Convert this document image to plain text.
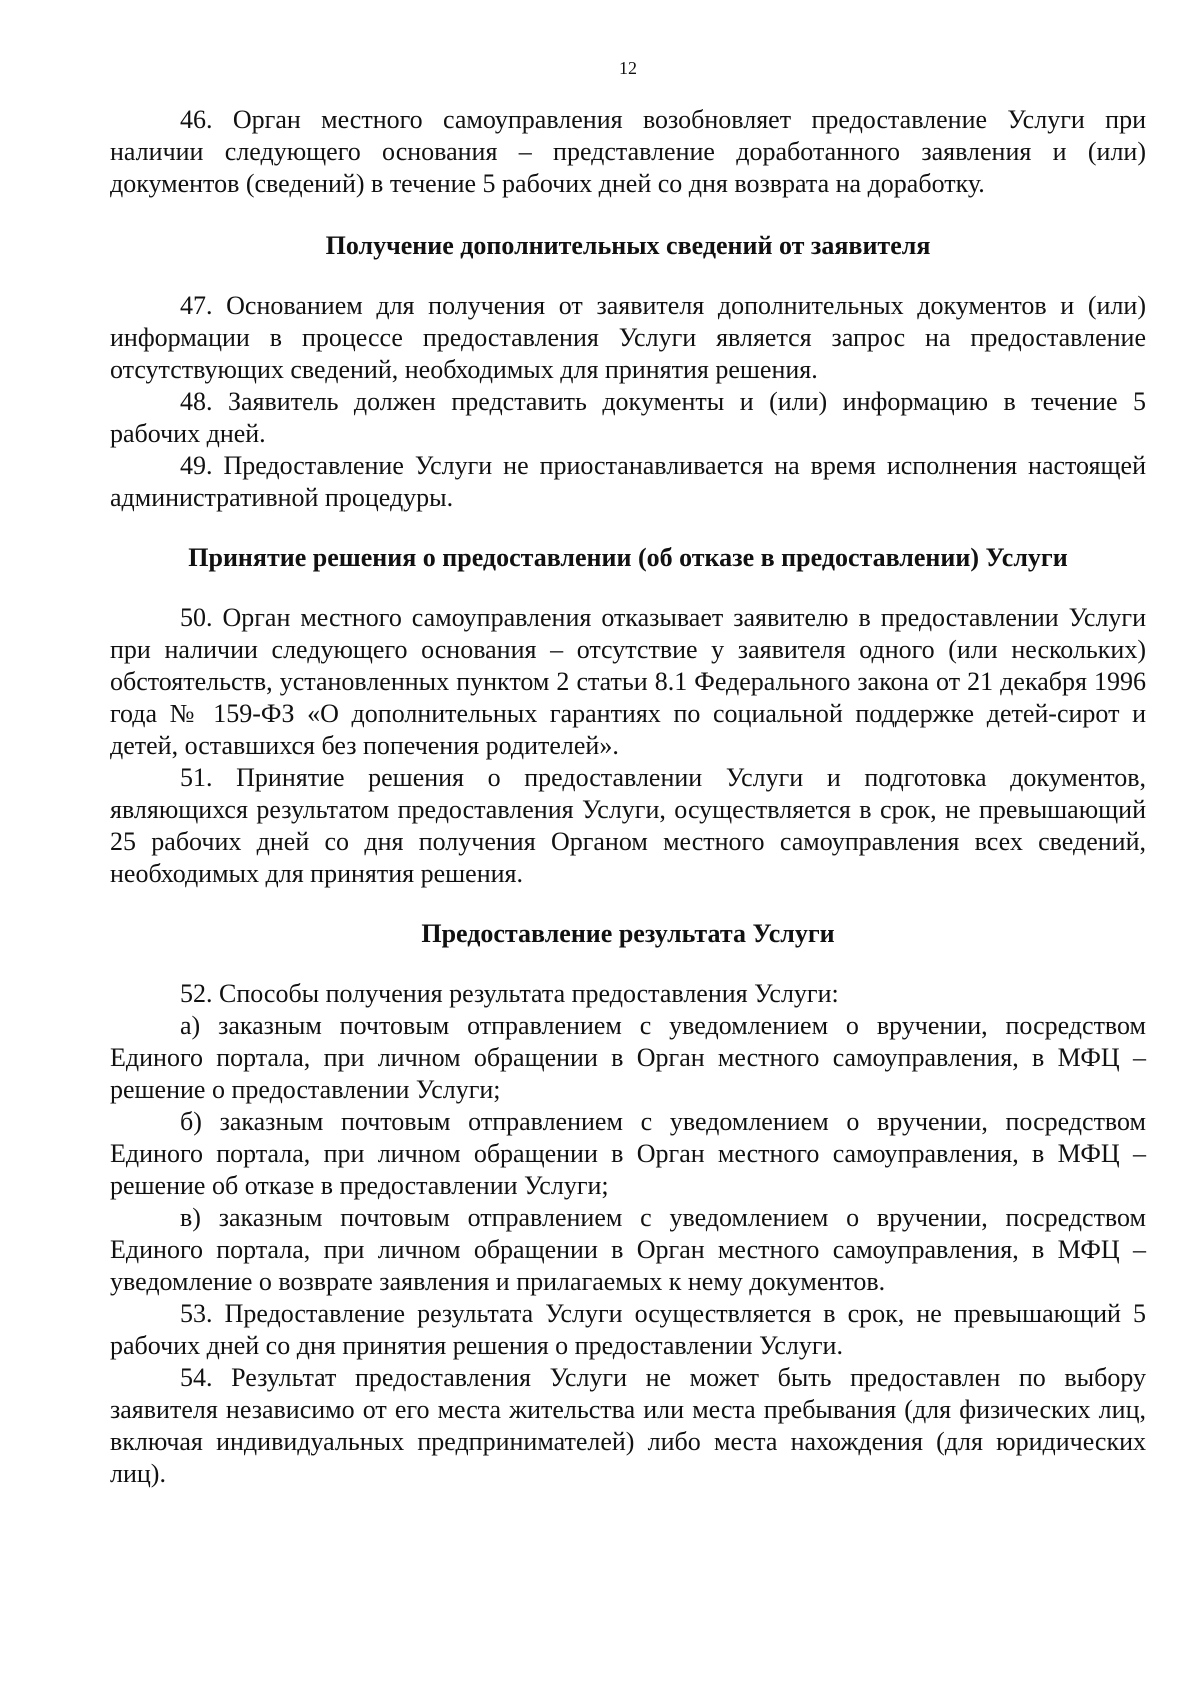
12

46. Орган местного самоуправления возобновляет предоставление Услуги при наличии следующего основания – представление доработанного заявления и (или) документов (сведений) в течение 5 рабочих дней со дня возврата на доработку.

Получение дополнительных сведений от заявителя

47. Основанием для получения от заявителя дополнительных документов и (или) информации в процессе предоставления Услуги является запрос на предоставление отсутствующих сведений, необходимых для принятия решения.

48. Заявитель должен представить документы и (или) информацию в течение 5 рабочих дней.

49. Предоставление Услуги не приостанавливается на время исполнения настоящей административной процедуры.

Принятие решения о предоставлении (об отказе в предоставлении) Услуги

50. Орган местного самоуправления отказывает заявителю в предоставлении Услуги при наличии следующего основания – отсутствие у заявителя одного (или нескольких) обстоятельств, установленных пунктом 2 статьи 8.1 Федерального закона от 21 декабря 1996 года № 159-ФЗ «О дополнительных гарантиях по социальной поддержке детей-сирот и детей, оставшихся без попечения родителей».

51. Принятие решения о предоставлении Услуги и подготовка документов, являющихся результатом предоставления Услуги, осуществляется в срок, не превышающий 25 рабочих дней со дня получения Органом местного самоуправления всех сведений, необходимых для принятия решения.

Предоставление результата Услуги

52. Способы получения результата предоставления Услуги:

а) заказным почтовым отправлением с уведомлением о вручении, посредством Единого портала, при личном обращении в Орган местного самоуправления, в МФЦ – решение о предоставлении Услуги;

б) заказным почтовым отправлением с уведомлением о вручении, посредством Единого портала, при личном обращении в Орган местного самоуправления, в МФЦ – решение об отказе в предоставлении Услуги;

в) заказным почтовым отправлением с уведомлением о вручении, посредством Единого портала, при личном обращении в Орган местного самоуправления, в МФЦ – уведомление о возврате заявления и прилагаемых к нему документов.

53. Предоставление результата Услуги осуществляется в срок, не превышающий 5 рабочих дней со дня принятия решения о предоставлении Услуги.

54. Результат предоставления Услуги не может быть предоставлен по выбору заявителя независимо от его места жительства или места пребывания (для физических лиц, включая индивидуальных предпринимателей) либо места нахождения (для юридических лиц).
